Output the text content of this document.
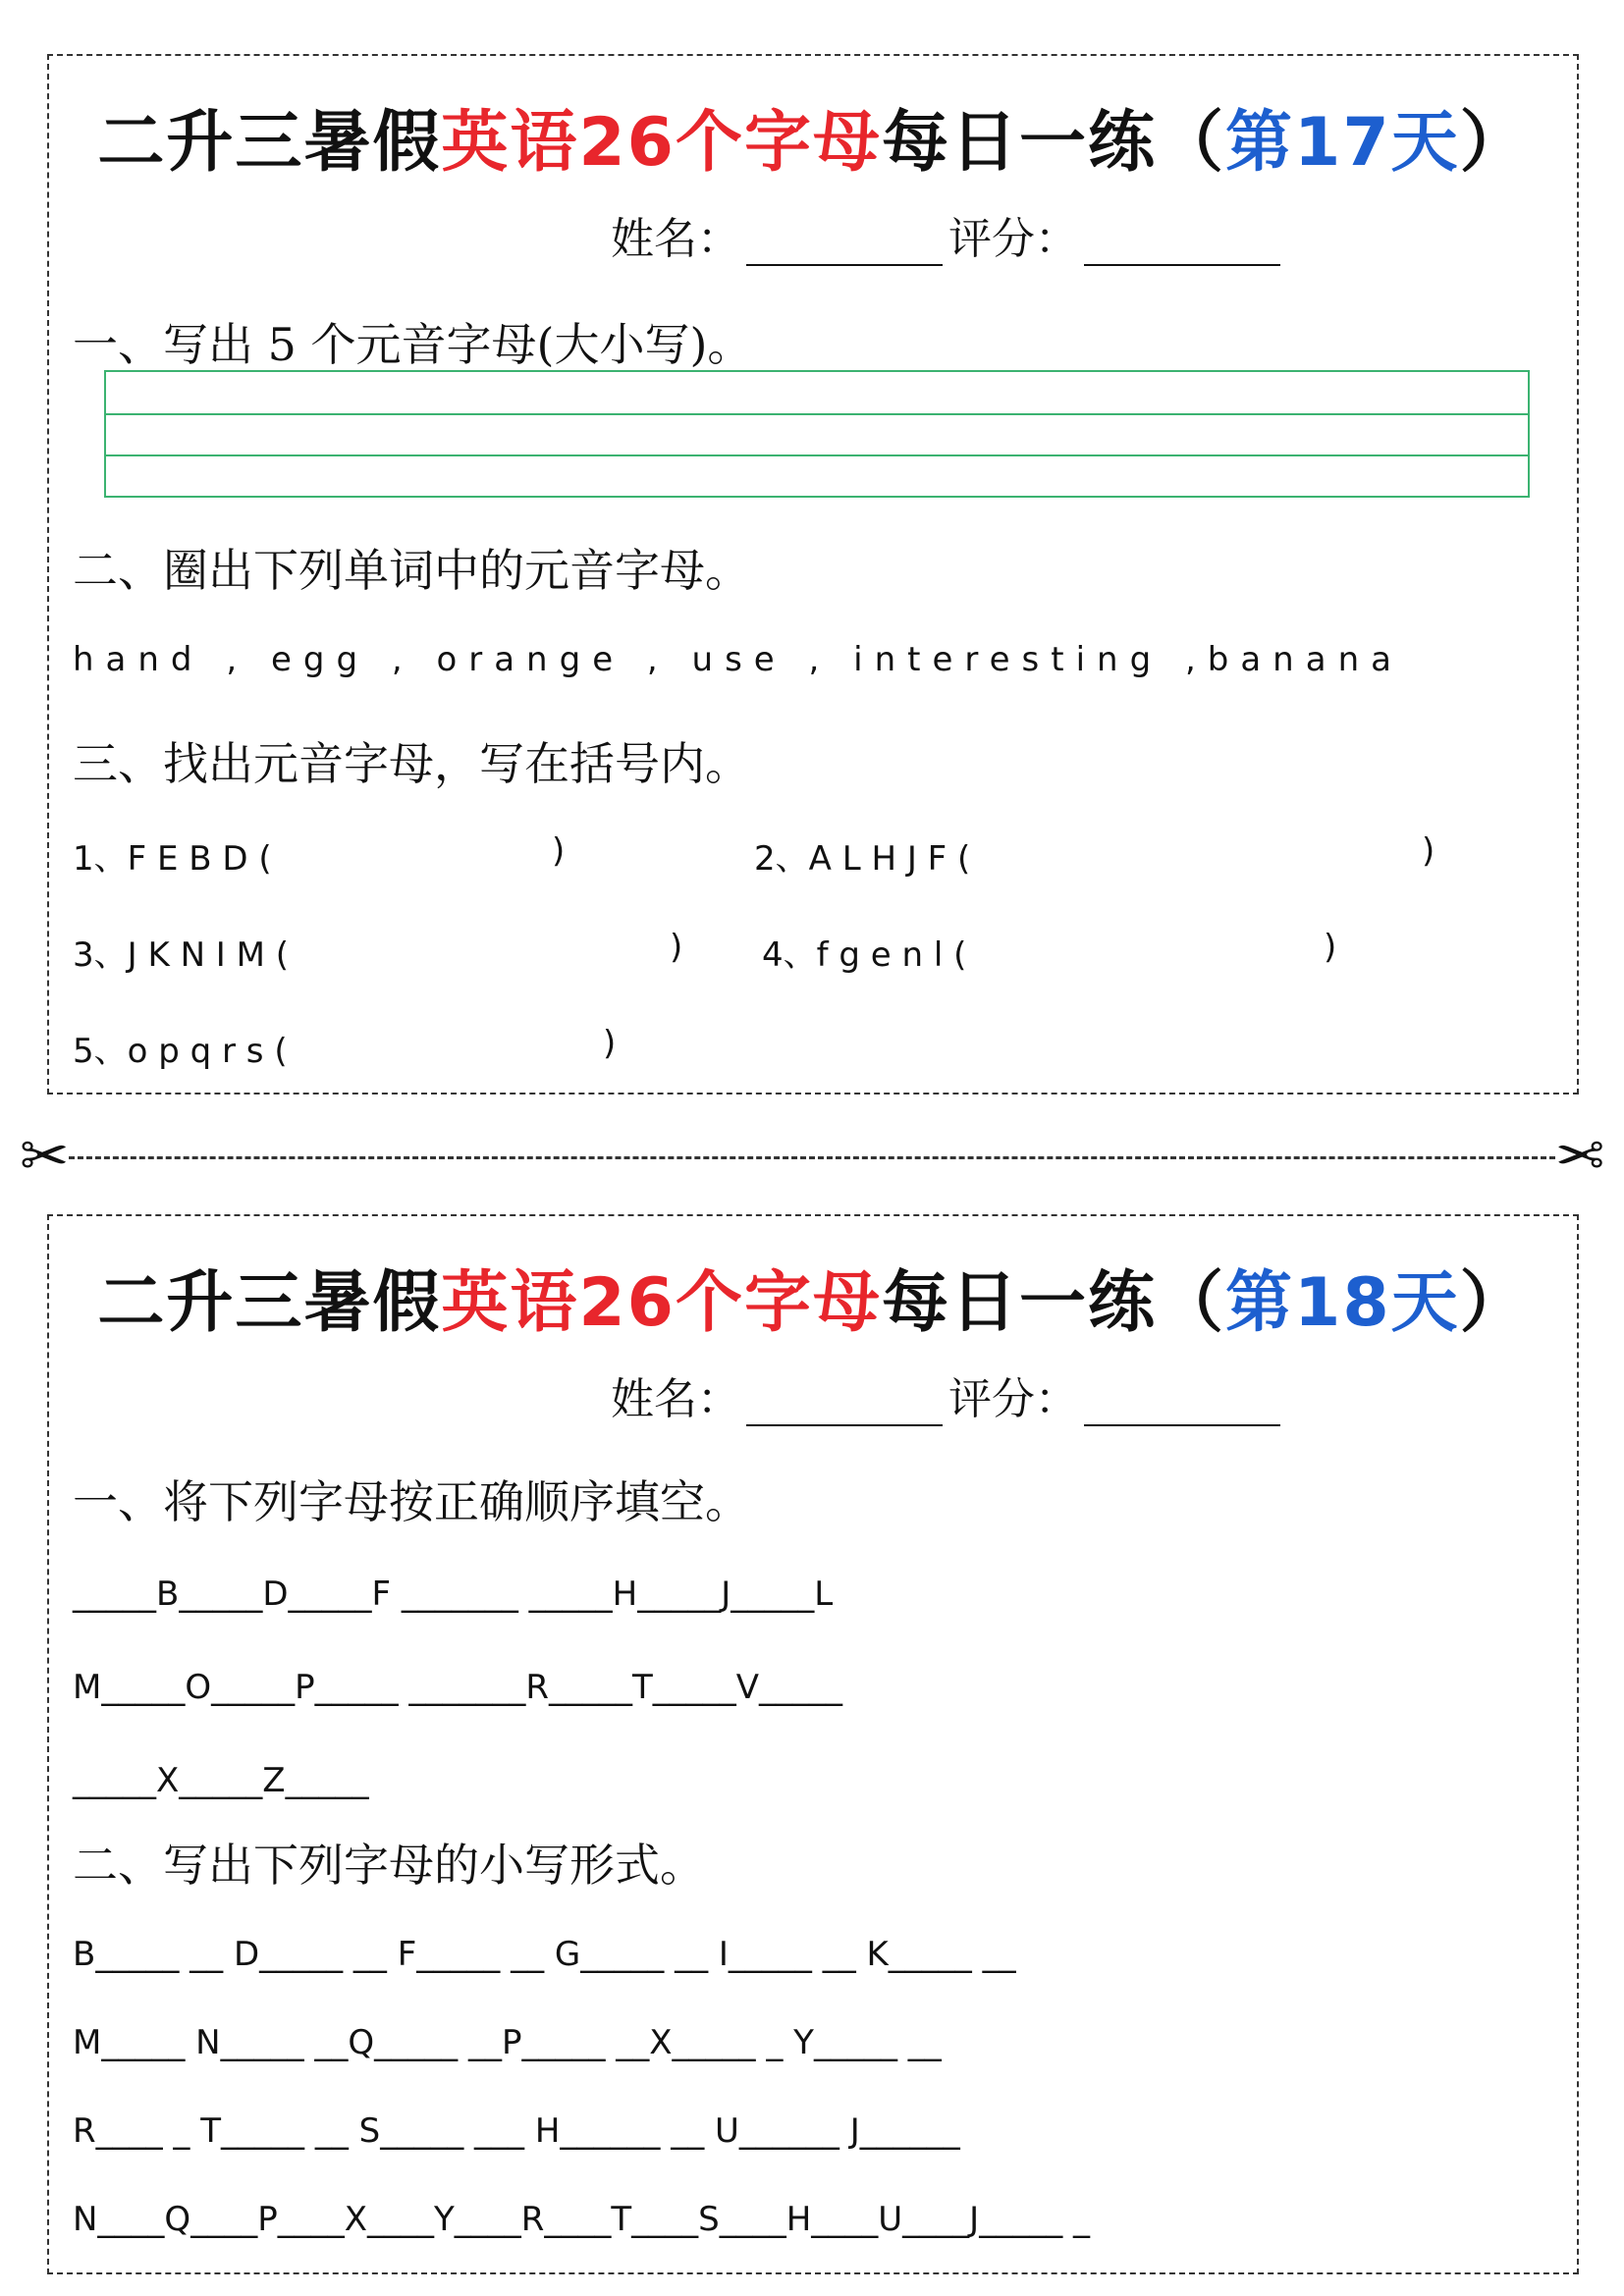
二升三暑假英语26个字母每日一练（第17天）
姓名：	评分：
一、写出 5 个元音字母(大小写)。
二、圈出下列单词中的元音字母。
hand , egg , orange , use , interesting ,banana
三、找出元音字母，写在括号内。
1、F E B D (	)	2、A L H J F (	)
3、J K N I M (	) 4、f g e n l (	)
5、o p q r s (	)
✂	✂
二升三暑假英语26个字母每日一练（第18天）
姓名：	评分：
一、将下列字母按正确顺序填空。
_____B_____D_____F _______ _____H_____J_____L
M_____O_____P_____ _______R_____T_____V_____
_____X_____Z_____
二、写出下列字母的小写形式。
B_____ __ D_____ __ F_____ __ G_____ __ I_____ __ K_____ __
M_____ N_____ __Q_____ __P_____ __X_____ _ Y_____ __
R____ _ T_____ __ S_____ ___ H______ __ U______ J______
N____Q____P____X____Y____R____T____S____H____U____J_____ _
